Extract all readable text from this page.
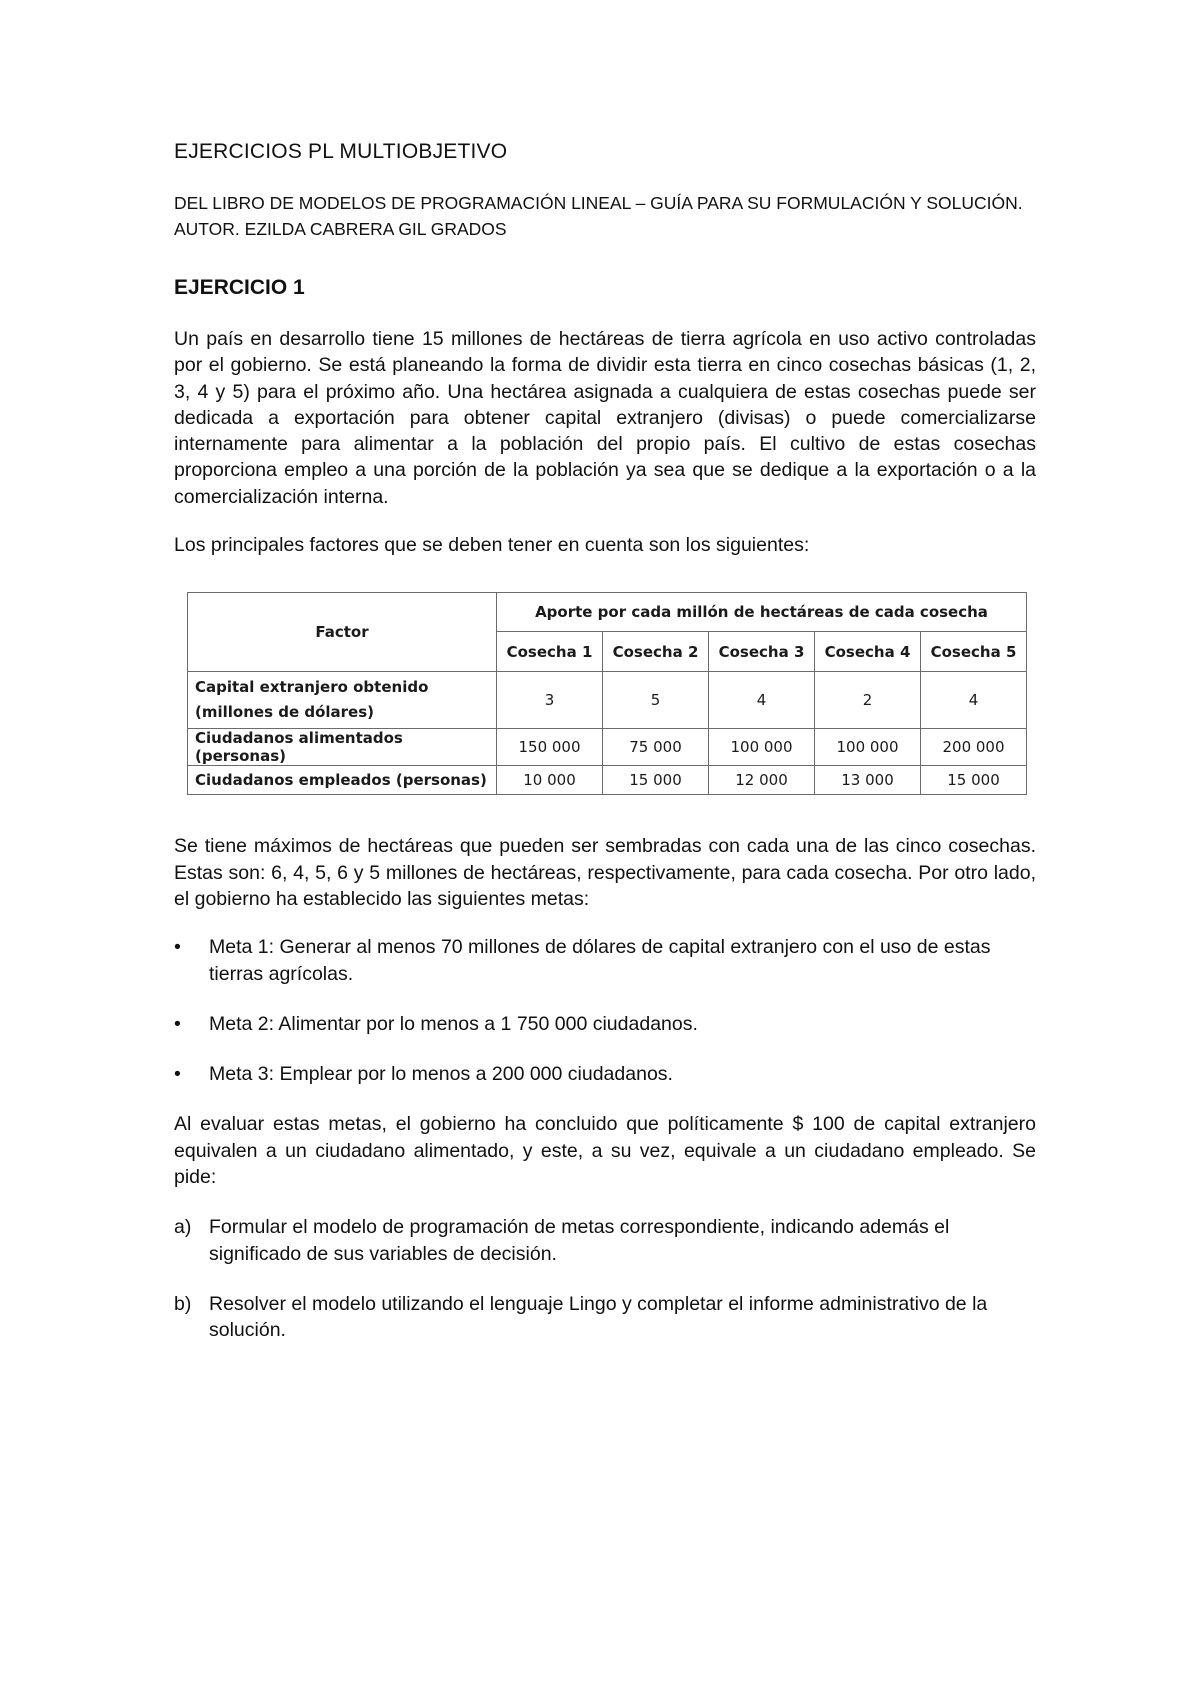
EJERCICIOS PL MULTIOBJETIVO

DEL LIBRO DE MODELOS DE PROGRAMACIÓN LINEAL – GUÍA PARA SU FORMULACIÓN Y SOLUCIÓN. AUTOR. EZILDA CABRERA GIL GRADOS

EJERCICIO 1

Un país en desarrollo tiene 15 millones de hectáreas de tierra agrícola en uso activo controladas por el gobierno. Se está planeando la forma de dividir esta tierra en cinco cosechas básicas (1, 2, 3, 4 y 5) para el próximo año. Una hectárea asignada a cualquiera de estas cosechas puede ser dedicada a exportación para obtener capital extranjero (divisas) o puede comercializarse internamente para alimentar a la población del propio país. El cultivo de estas cosechas proporciona empleo a una porción de la población ya sea que se dedique a la exportación o a la comercialización interna.

Los principales factores que se deben tener en cuenta son los siguientes:

Factor	Aporte por cada millón de hectáreas de cada cosecha				
	Cosecha 1	Cosecha 2	Cosecha 3	Cosecha 4	Cosecha 5
Capital extranjero obtenido
(millones de dólares)	3	5	4	2	4
Ciudadanos alimentados (personas)	150 000	75 000	100 000	100 000	200 000
Ciudadanos empleados (personas)	10 000	15 000	12 000	13 000	15 000

Se tiene máximos de hectáreas que pueden ser sembradas con cada una de las cinco cosechas. Estas son: 6, 4, 5, 6 y 5 millones de hectáreas, respectivamente, para cada cosecha. Por otro lado, el gobierno ha establecido las siguientes metas:

• Meta 1: Generar al menos 70 millones de dólares de capital extranjero con el uso de estas tierras agrícolas.
• Meta 2: Alimentar por lo menos a 1 750 000 ciudadanos.
• Meta 3: Emplear por lo menos a 200 000 ciudadanos.

Al evaluar estas metas, el gobierno ha concluido que políticamente $ 100 de capital extranjero equivalen a un ciudadano alimentado, y este, a su vez, equivale a un ciudadano empleado. Se pide:

a) Formular el modelo de programación de metas correspondiente, indicando además el significado de sus variables de decisión.
b) Resolver el modelo utilizando el lenguaje Lingo y completar el informe administrativo de la solución.
